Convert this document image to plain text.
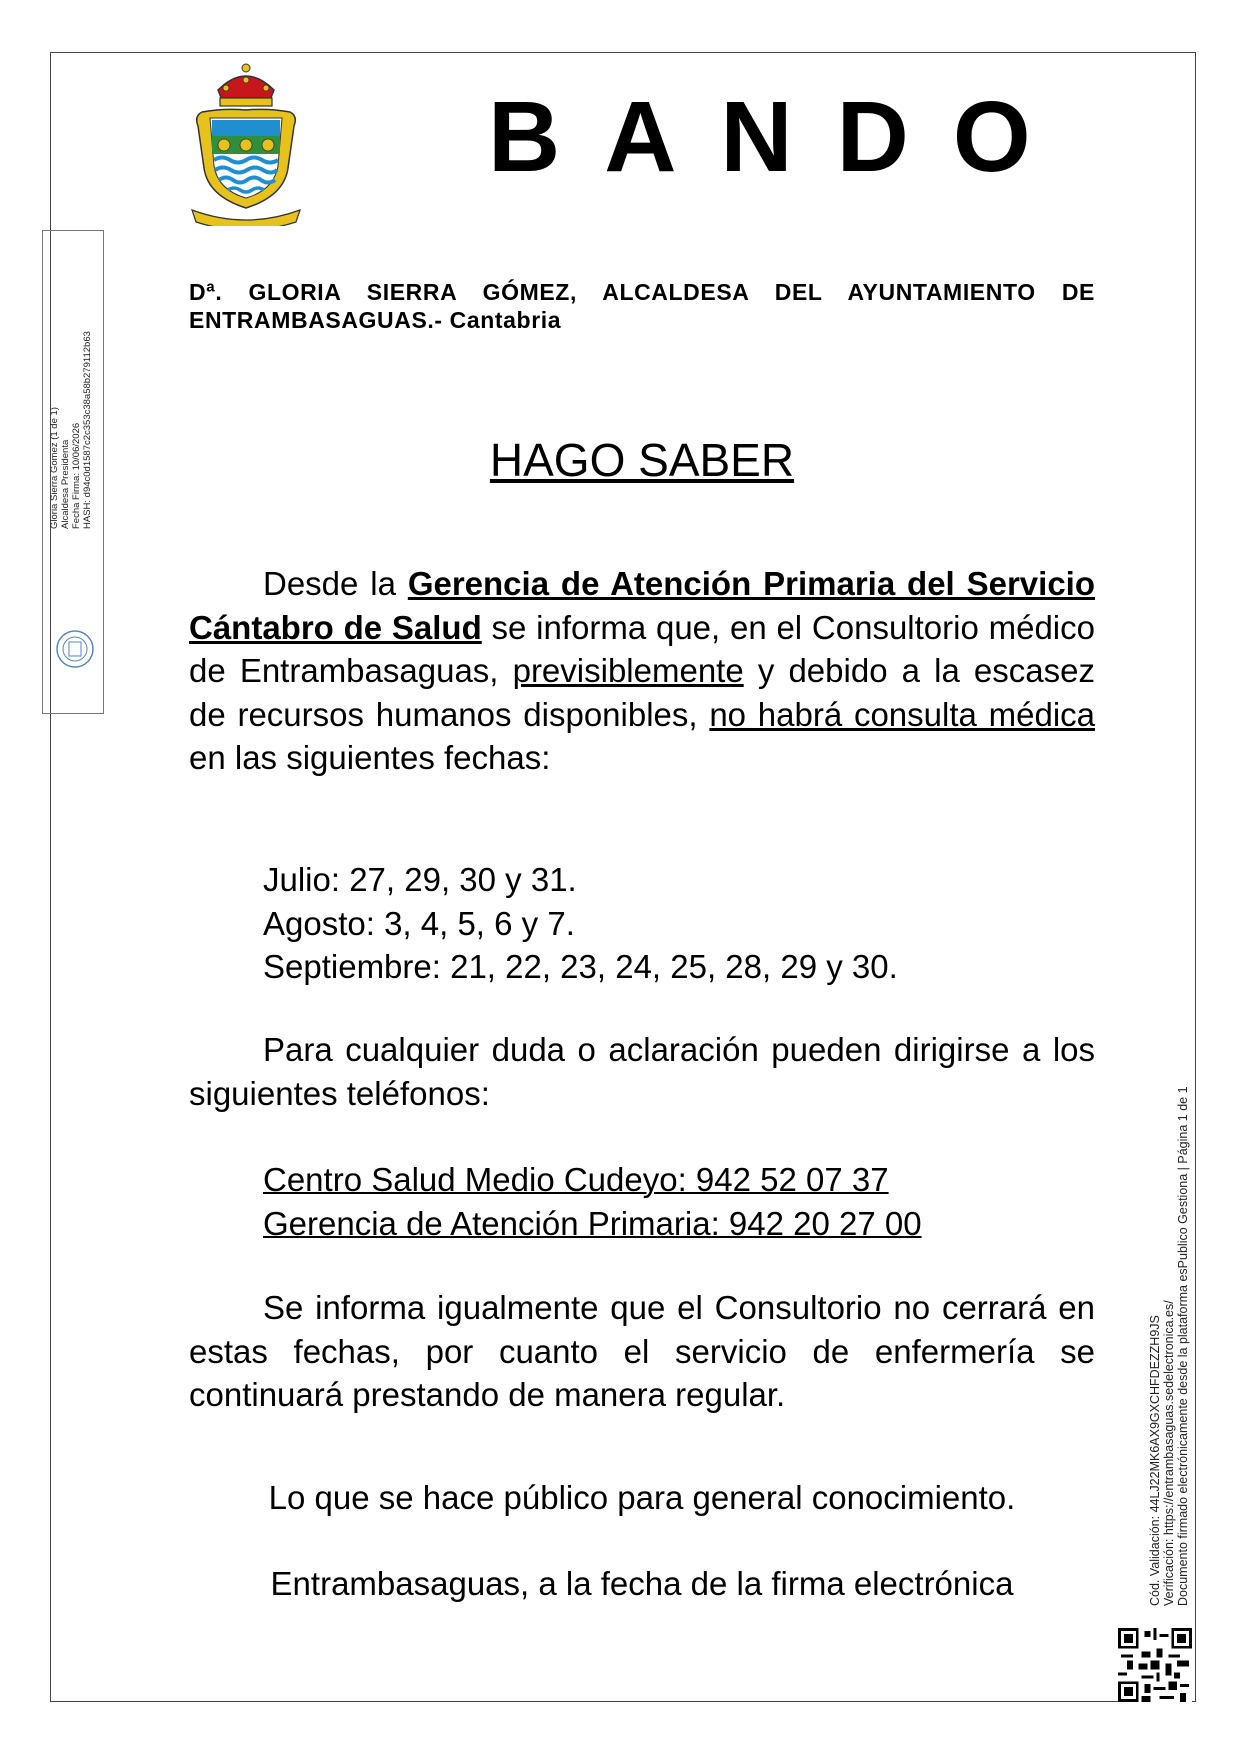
BANDO
Gloria Sierra Gomez (1 de 1) Alcaldesa Presidenta Fecha Firma: 10/06/2026 HASH: d94c0d1587c2c353c38a58b279112b63
Dª. GLORIA SIERRA GÓMEZ, ALCALDESA DEL AYUNTAMIENTO DE
ENTRAMBASAGUAS.- Cantabria
HAGO SABER
Desde la Gerencia de Atención Primaria del Servicio Cántabro de Salud se informa que, en el Consultorio médico de Entrambasaguas, previsiblemente y debido a la escasez de recursos humanos disponibles, no habrá consulta médica en las siguientes fechas:
Julio: 27, 29, 30 y 31.
Agosto: 3, 4, 5, 6 y 7.
Septiembre: 21, 22, 23, 24, 25, 28, 29 y 30.
Para cualquier duda o aclaración pueden dirigirse a los siguientes teléfonos:
Centro Salud Medio Cudeyo: 942 52 07 37
Gerencia de Atención Primaria: 942 20 27 00
Se informa igualmente que el Consultorio no cerrará en estas fechas, por cuanto el servicio de enfermería se continuará prestando de manera regular.
Lo que se hace público para general conocimiento.
Entrambasaguas, a la fecha de la firma electrónica	Cód. Validación: 44LJ22MK6AX9GXCHFDEZZH9JS Verificación: https://entrambasaguas.sedelectronica.es/ Documento firmado electrónicamente desde la plataforma esPublico Gestiona | Página 1 de 1
